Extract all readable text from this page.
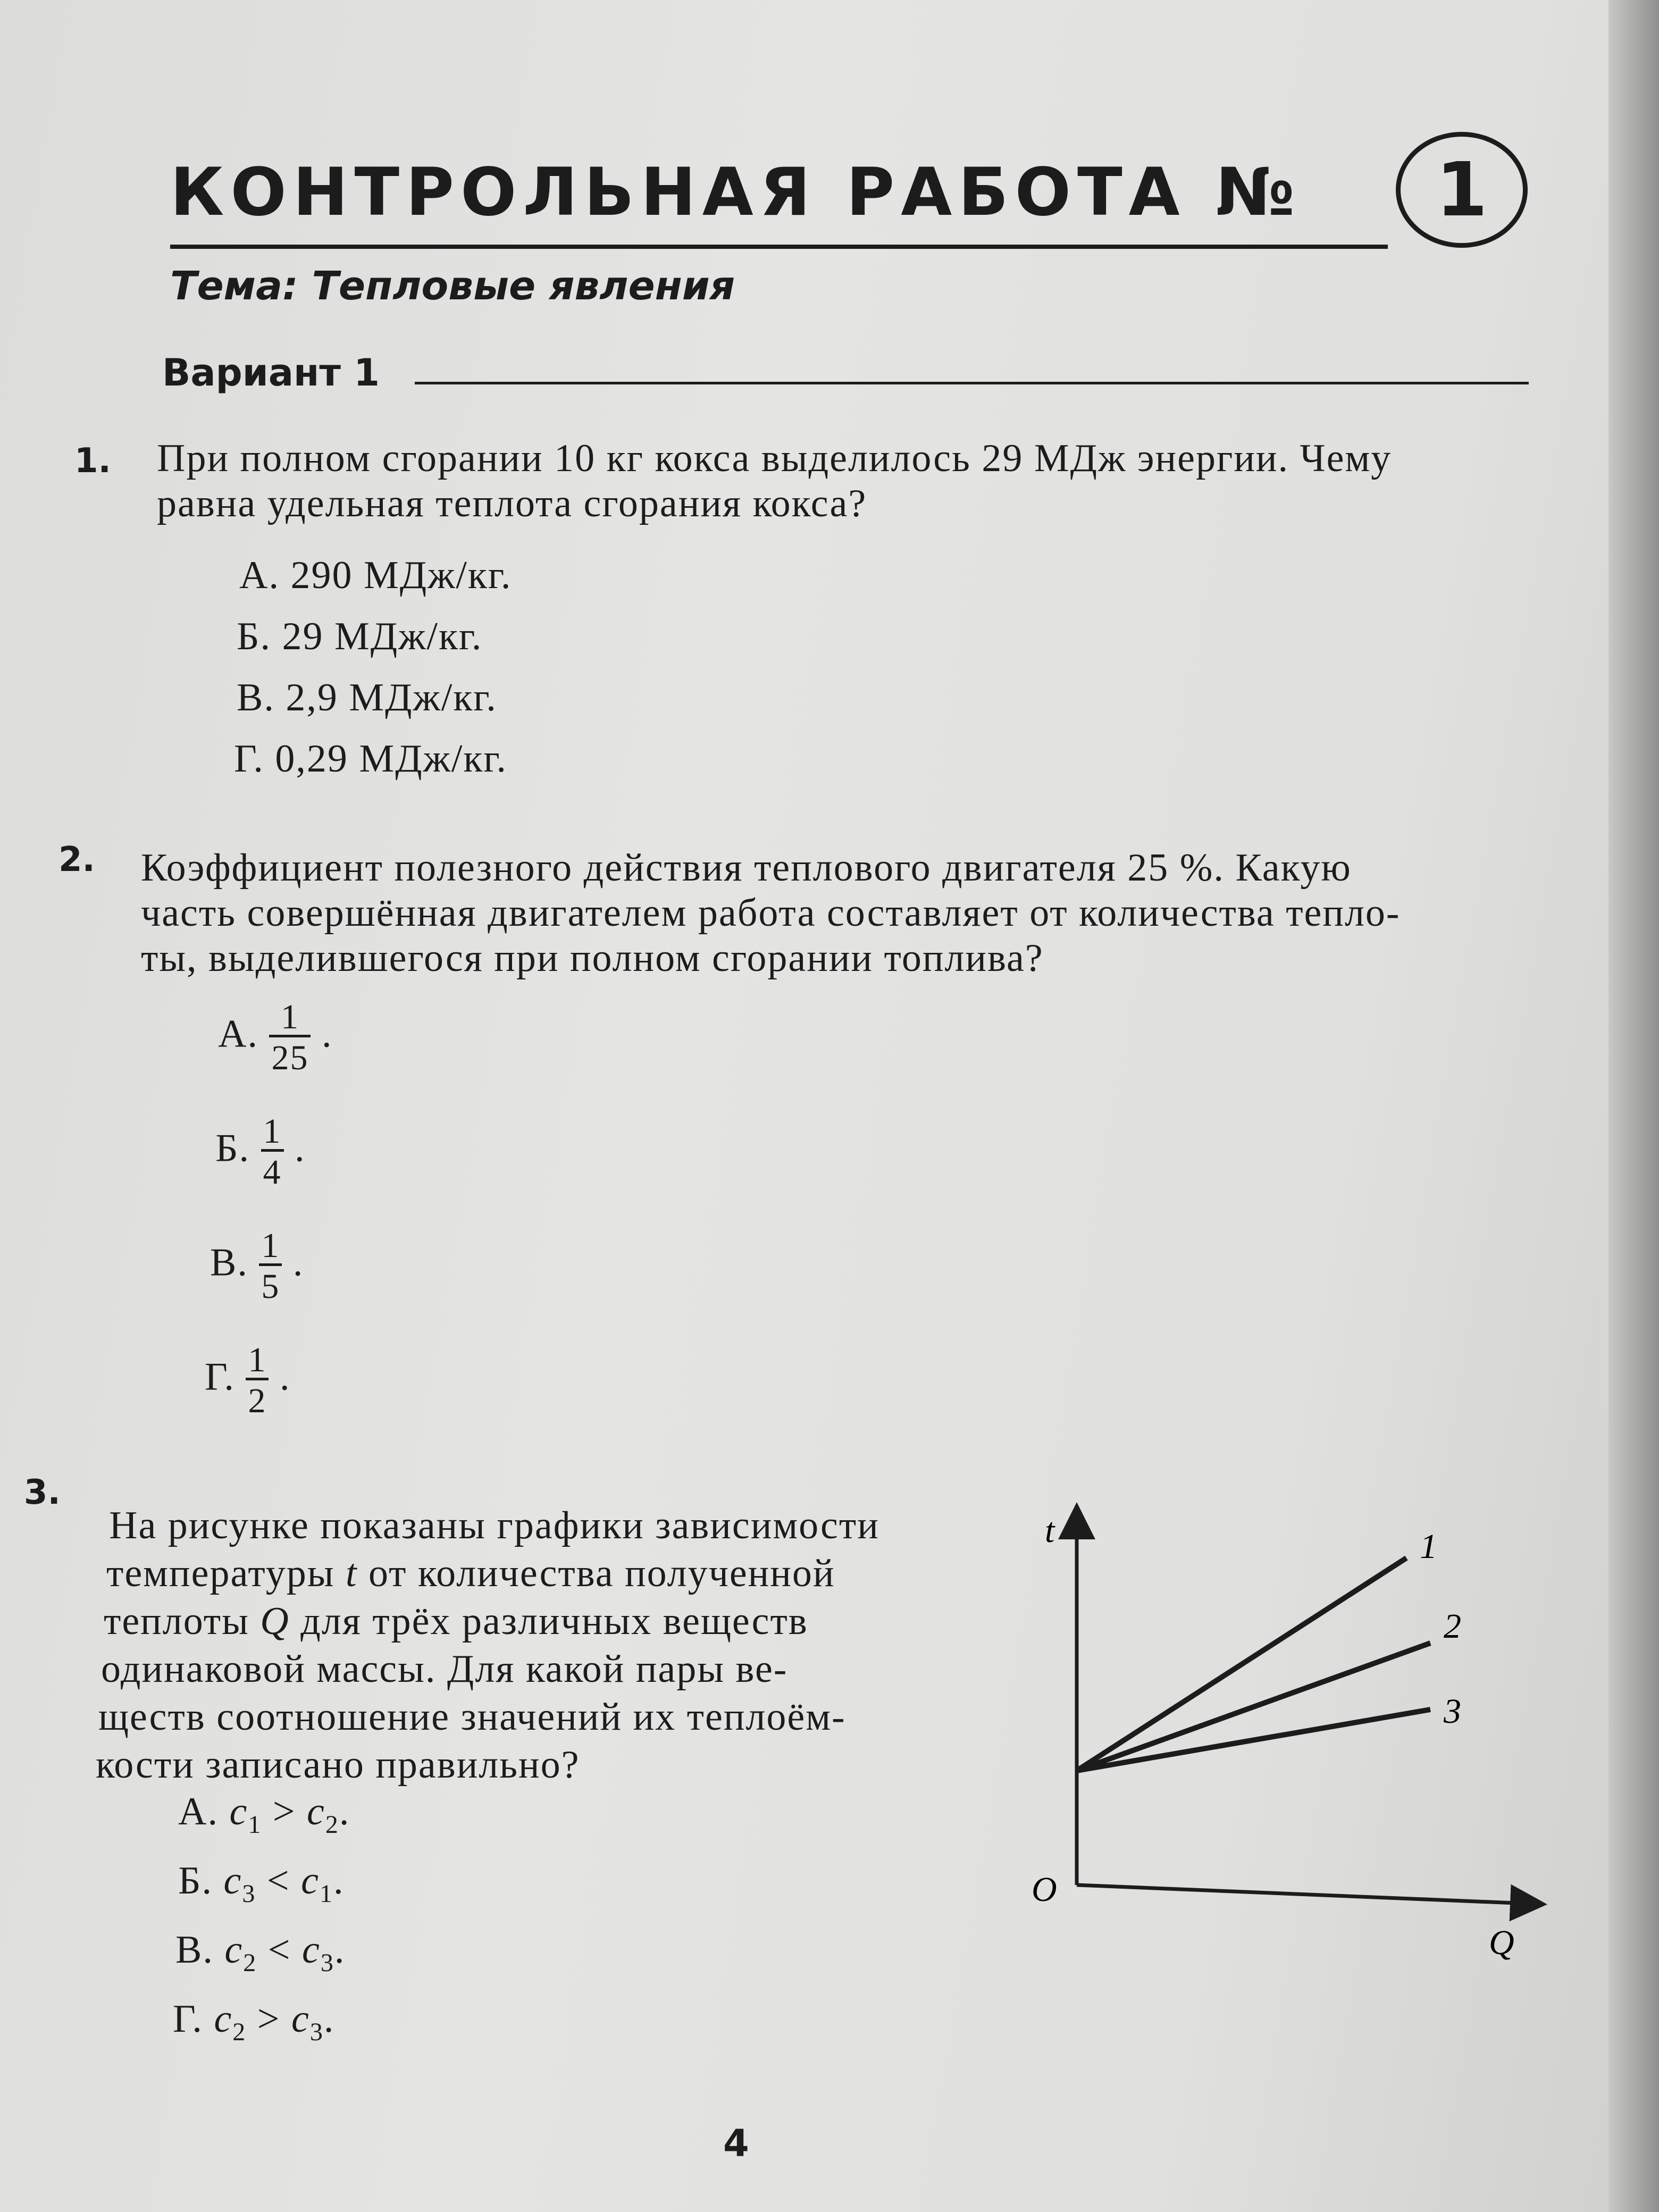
КОНТРОЛЬНАЯ РАБОТА №	1
Тема: Тепловые явления
Вариант 1
1. При полном сгорании 10 кг кокса выделилось 29 МДж энергии. Чему
равна удельная теплота сгорания кокса?
А. 290 МДж/кг.
Б. 29 МДж/кг.
В. 2,9 МДж/кг.
Г. 0,29 МДж/кг.
2. Коэффициент полезного действия теплового двигателя 25 %. Какую
часть совершённая двигателем работа составляет от количества тепло-
ты, выделившегося при полном сгорании топлива?
А. $\frac{1}{25}$ .
Б. $\frac{1}{4}$ .
В. $\frac{1}{5}$ .
Г. $\frac{1}{2}$ .
3.
На рисунке показаны графики зависимости
температуры t от количества полученной
теплоты Q для трёх различных веществ
одинаковой массы. Для какой пары ве-
ществ соотношение значений их теплоём-
кости записано правильно?
А. $c_1 > c_2$.
Б. $c_3 < c_1$.
В. $c_2 < c_3$.
Г. $c_2 > c_3$.
t
O
Q
1
2
3
4
